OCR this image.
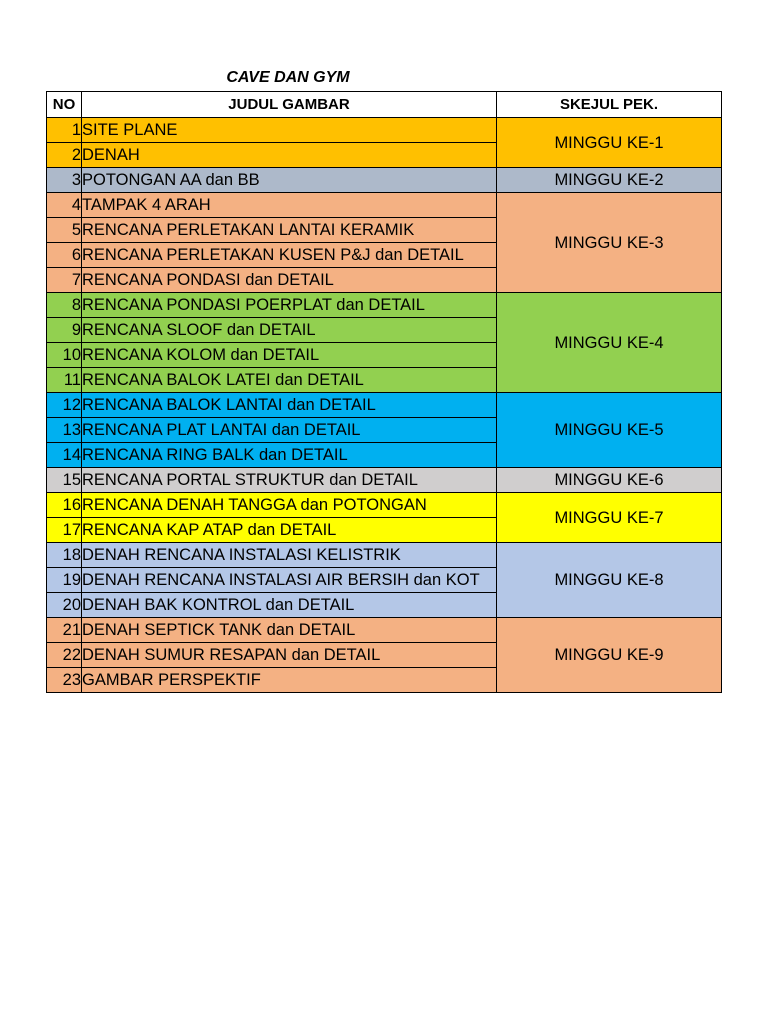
CAVE DAN GYM
NO	JUDUL GAMBAR	SKEJUL PEK.
1	SITE PLANE	MINGGU KE-1
2	DENAH	
3	POTONGAN AA dan BB	MINGGU KE-2
4	TAMPAK 4 ARAH	MINGGU KE-3
5	RENCANA PERLETAKAN LANTAI KERAMIK	
6	RENCANA PERLETAKAN KUSEN P&J dan DETAIL	
7	RENCANA PONDASI dan DETAIL	
8	RENCANA PONDASI POERPLAT dan DETAIL	MINGGU KE-4
9	RENCANA SLOOF dan DETAIL	
10	RENCANA KOLOM dan DETAIL	
11	RENCANA BALOK LATEI dan DETAIL	
12	RENCANA BALOK LANTAI dan DETAIL	MINGGU KE-5
13	RENCANA PLAT LANTAI dan DETAIL	
14	RENCANA RING BALK dan DETAIL	
15	RENCANA PORTAL STRUKTUR dan DETAIL	MINGGU KE-6
16	RENCANA DENAH TANGGA dan POTONGAN	MINGGU KE-7
17	RENCANA KAP ATAP dan DETAIL	
18	DENAH RENCANA INSTALASI KELISTRIK	MINGGU KE-8
19	DENAH RENCANA INSTALASI AIR BERSIH dan KOT	
20	DENAH BAK KONTROL dan DETAIL	
21	DENAH SEPTICK TANK dan DETAIL	MINGGU KE-9
22	DENAH SUMUR RESAPAN dan DETAIL	
23	GAMBAR PERSPEKTIF	
